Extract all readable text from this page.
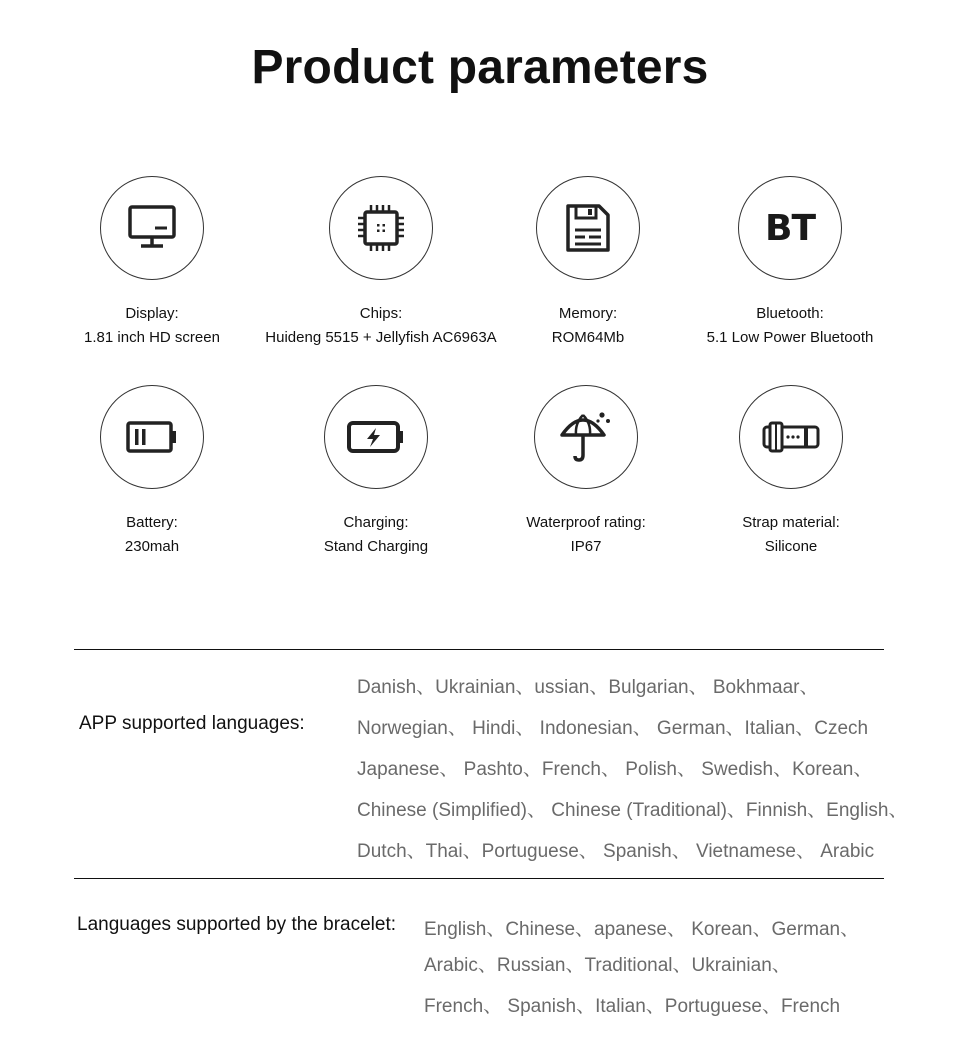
Product parameters
Display:
1.81 inch HD screen
Chips:
Huideng 5515 + Jellyfish AC6963A
Memory:
ROM64Mb
BT
Bluetooth:
5.1 Low Power Bluetooth
Battery:
230mah
Charging:
Stand Charging
Waterproof rating:
IP67
Strap material:
Silicone
APP supported languages:
Danish、Ukrainian、ussian、Bulgarian、 Bokhmaar、
Norwegian、 Hindi、 Indonesian、 German、Italian、Czech
Japanese、 Pashto、French、 Polish、 Swedish、Korean、
Chinese (Simplified)、 Chinese (Traditional)、Finnish、English、
Dutch、Thai、Portuguese、 Spanish、 Vietnamese、 Arabic
Languages supported by the bracelet: English、Chinese、apanese、 Korean、German、
Arabic、Russian、Traditional、Ukrainian、
French、 Spanish、Italian、Portuguese、French
